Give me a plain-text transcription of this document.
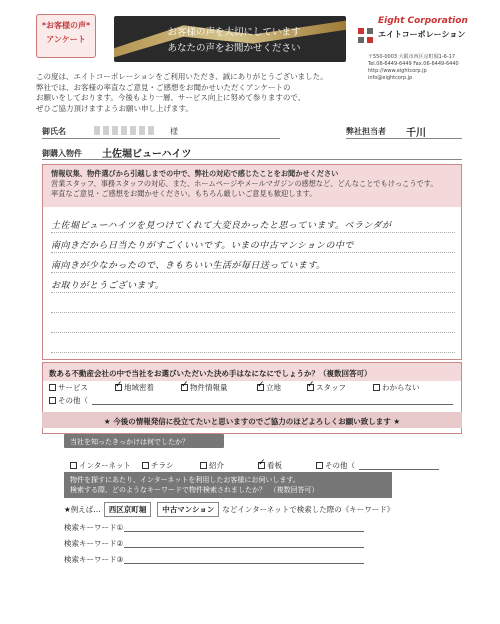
*お客様の声*
アンケート
お客様の声を大切にしています
あなたの声をお聞かせください
Eight Corporation
エイトコーポレーション
〒550-0003 大阪市西区京町堀1-6-17
Tel.06-6449-6449 Fax.06-6449-6440
http://www.eightcorp.jp
info@eightcorp.jp
この度は、エイトコーポレーションをご利用いただき、誠にありがとうございました。
弊社では、お客様の率直なご意見・ご感想をお聞かせいただくアンケートの
お願いをしております。今後もより一層、サービス向上に努めて参りますので、
ぜひご協力頂けますようお願い申し上げます。
御氏名	様	弊社担当者 千川
御購入物件 土佐堀ビューハイツ
情報収集、物件選びから引越しまでの中で、弊社の対応で感じたことをお聞かせください
営業スタッフ、事務スタッフの対応、また、ホームページやメールマガジンの感想など、どんなことでもけっこうです。
率直なご意見・ご感想をお聞かせください。もちろん厳しいご意見も歓迎します。
土佐堀ビューハイツを見つけてくれて大変良かったと思っています。ベランダが
南向きだから日当たりがすごくいいです。いまの中古マンションの中で
南向きが少なかったので、きもちいい生活が毎日送っています。
お取りがとうございます。
数ある不動産会社の中で当社をお選びいただいた決め手はなになにでしょうか？（複数回答可）
サービス ✓	地域密着 ✓	物件情報量 ✓	立地 ✓	スタッフ	わからない
その他（
★ 今後の情報発信に役立てたいと思いますのでご協力のほどよろしくお願い致します ★
当社を知ったきっかけは何でしたか？
インターネット	チラシ	紹介 ✓	看板	その他（
物件を探すにあたり、インターネットを利用したお客様にお伺いします。
検索する際、どのようなキーワードで物件検索されましたか？　（複数回答可）
★例えば…	西区京町堀	中古マンション	などインターネットで検索した際の《キーワード》
検索キーワード①
検索キーワード②
検索キーワード③
